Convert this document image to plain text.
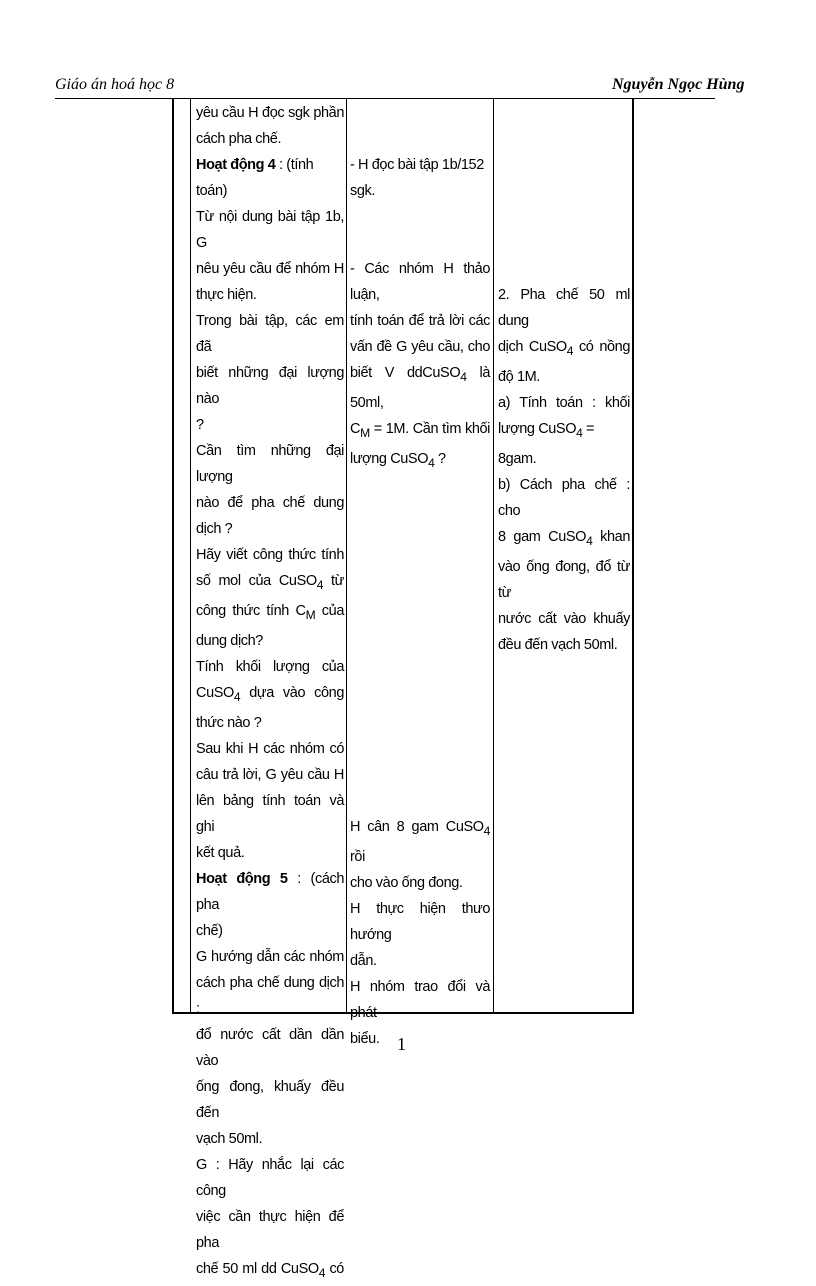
Giáo án hoá học 8	Nguyễn Ngọc Hùng

yêu cầu H đọc sgk phần

cách pha chế.

Hoạt động 4 : (tính toán)

Từ nội dung bài tập 1b, G

nêu yêu cầu để nhóm H

thực hiện.

Trong bài tập, các em đã

biết những đại lượng nào

?

Cần tìm những đại lượng

nào để pha chế dung

dịch ?

Hãy viết công thức tính

số mol của CuSO$_4$ từ

công thức tính $C_M$ của

dung dịch?

Tính khối lượng của

CuSO$_4$ dựa vào công

thức nào ?

Sau khi H các nhóm có

câu trả lời, G yêu cầu H

lên bảng tính toán và ghi

kết quả.

Hoạt động 5 : (cách pha

chế)

G hướng dẫn các nhóm

cách pha chế dung dịch :

đổ nước cất dần dần vào

ống đong, khuấy đều đến

vạch 50ml.

G : Hãy nhắc lại các công

việc cần thực hiện để pha

chế 50 ml dd CuSO$_4$ có

- H đọc bài tập 1b/152

sgk.

- Các nhóm H thảo luận,

tính toán để trả lời các

vấn đề G yêu cầu, cho

biết V ddCuSO$_4$ là 50ml,

$C_M = 1M$. Cần tìm khối

lượng CuSO$_4$ ?

H cân 8 gam CuSO$_4$ rồi

cho vào ống đong.

H thực hiện thưo hướng

dẫn.

H nhóm trao đổi và phát

biểu.

2. Pha chế 50 ml dung

dịch CuSO$_4$ có nồng

độ 1M.

a) Tính toán : khối

lượng CuSO$_4$ = 8gam.

b) Cách pha chế : cho

8 gam CuSO$_4$ khan

vào ống đong, đổ từ từ

nước cất vào khuấy

đều đến vạch 50ml.

1
